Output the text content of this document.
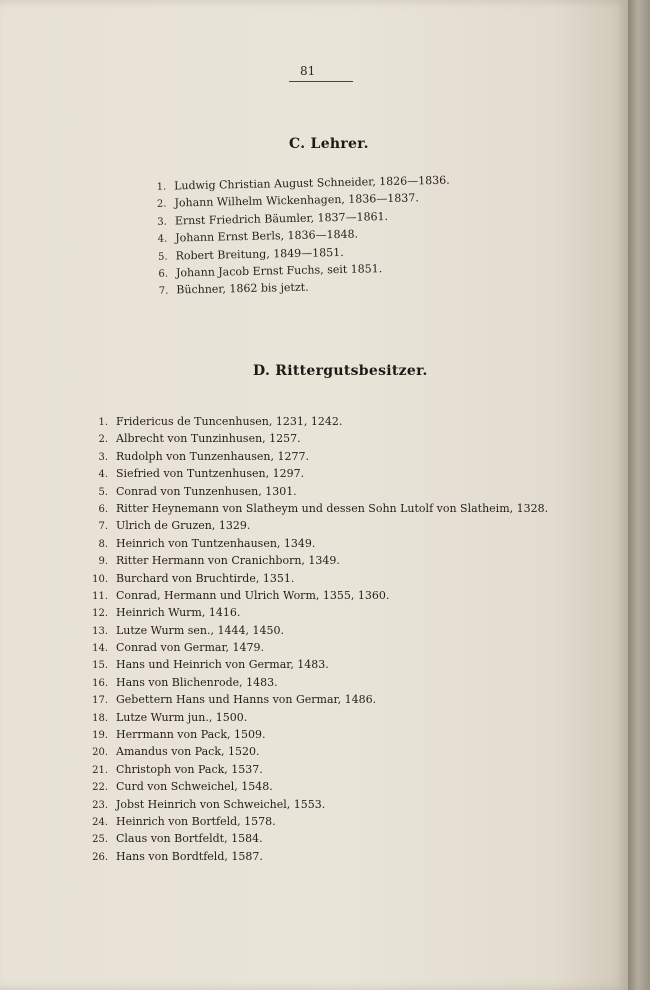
81
C. Lehrer.
1. Ludwig Christian August Schneider, 1826—1836.
2. Johann Wilhelm Wickenhagen, 1836—1837.
3. Ernst Friedrich Bäumler, 1837—1861.
4. Johann Ernst Berls, 1836—1848.
5. Robert Breitung, 1849—1851.
6. Johann Jacob Ernst Fuchs, seit 1851.
7. Büchner, 1862 bis jetzt.
D. Rittergutsbesitzer.
1. Fridericus de Tuncenhusen, 1231, 1242.
2. Albrecht von Tunzinhusen, 1257.
3. Rudolph von Tunzenhausen, 1277.
4. Siefried von Tuntzenhusen, 1297.
5. Conrad von Tunzenhusen, 1301.
6. Ritter Heynemann von Slatheym und dessen Sohn Lutolf von Slatheim, 1328.
7. Ulrich de Gruzen, 1329.
8. Heinrich von Tuntzenhausen, 1349.
9. Ritter Hermann von Cranichborn, 1349.
10. Burchard von Bruchtirde, 1351.
11. Conrad, Hermann und Ulrich Worm, 1355, 1360.
12. Heinrich Wurm, 1416.
13. Lutze Wurm sen., 1444, 1450.
14. Conrad von Germar, 1479.
15. Hans und Heinrich von Germar, 1483.
16. Hans von Blichenrode, 1483.
17. Gebettern Hans und Hanns von Germar, 1486.
18. Lutze Wurm jun., 1500.
19. Herrmann von Pack, 1509.
20. Amandus von Pack, 1520.
21. Christoph von Pack, 1537.
22. Curd von Schweichel, 1548.
23. Jobst Heinrich von Schweichel, 1553.
24. Heinrich von Bortfeld, 1578.
25. Claus von Bortfeldt, 1584.
26. Hans von Bordtfeld, 1587.
